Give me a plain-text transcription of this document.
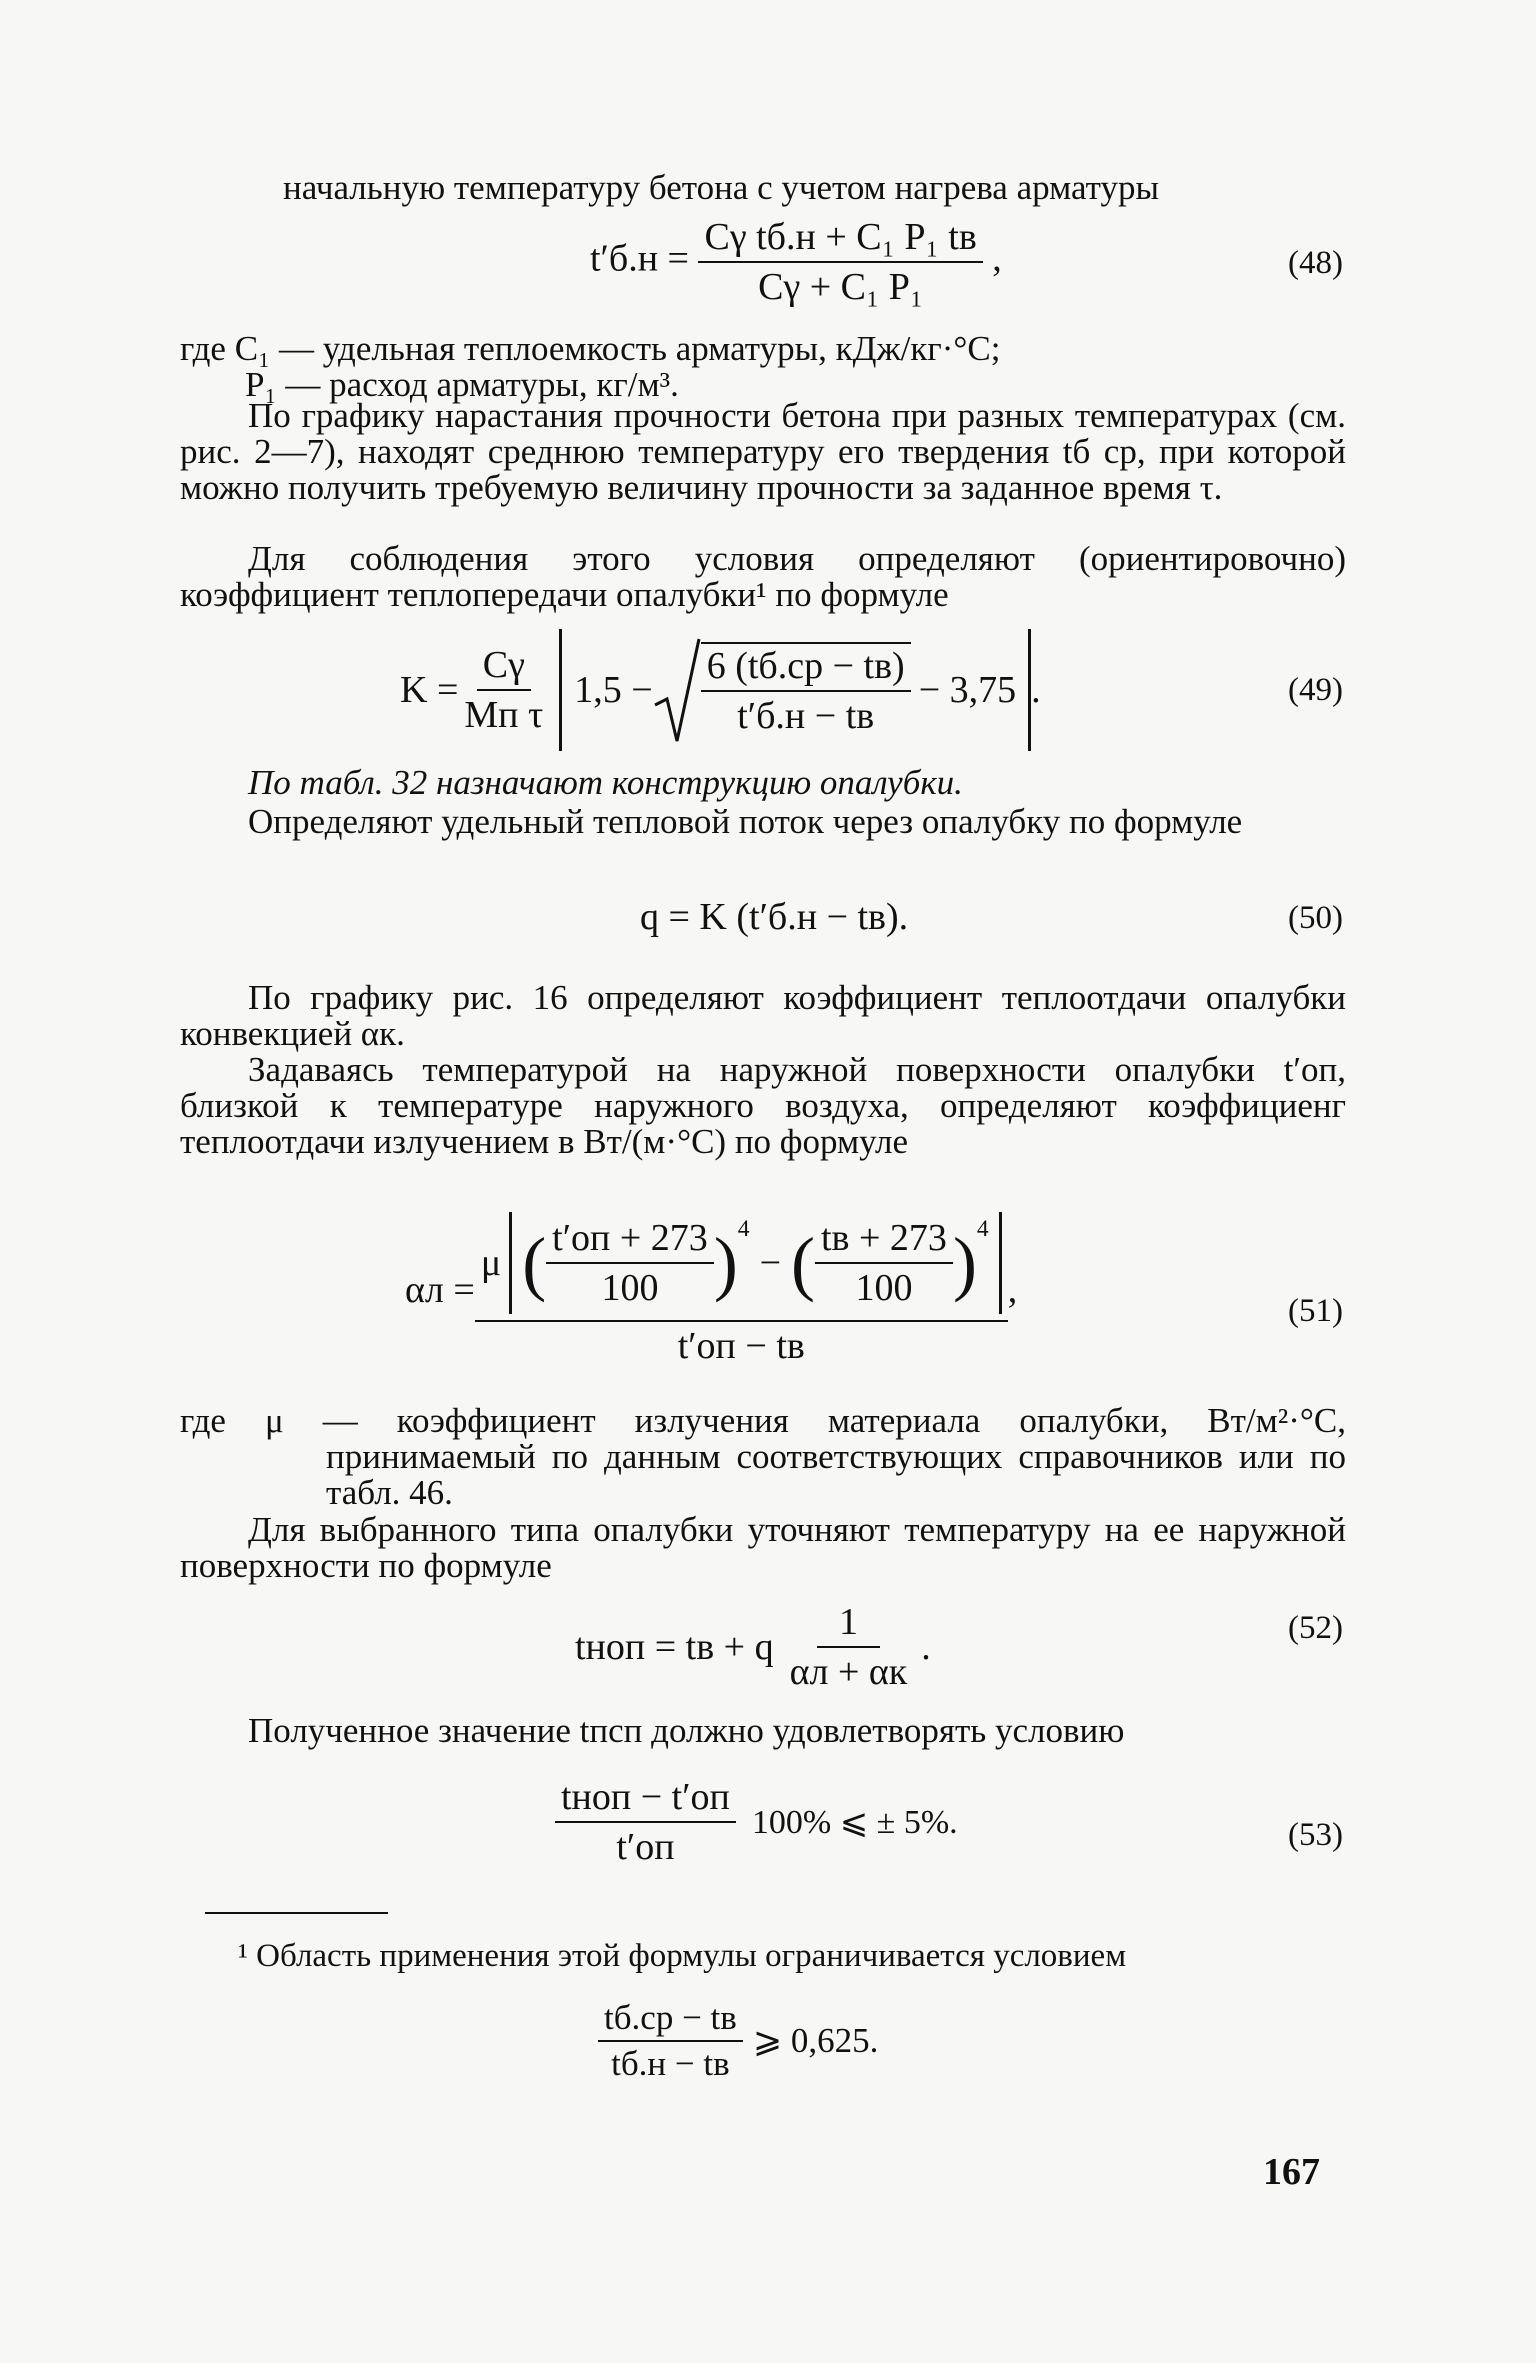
начальную температуру бетона с учетом нагрева арматуры
$t'б.н = \frac{\text{Cγ tб.н + C₁ P₁ tв}}{\text{Cγ + C₁ P₁}}$ ,	(48)
где C₁ — удельная теплоемкость арматуры, кДж/кг·°C;
P₁ — расход арматуры, кг/м³.
По графику нарастания прочности бетона при разных температурах (см. рис. 2—7), находят среднюю температуру его твердения tб ср, при которой можно получить требуемую величину прочности за заданное время τ.
Для соблюдения этого условия определяют (ориентировочно) коэффициент теплопередачи опалубки¹ по формуле
$K = \frac{C\gamma}{\text{Mп τ}} 1,5 - \frac{6 (tб.ср - tв)}{t'б.н - tв} - 3,75$ .	(49)
По табл. 32 назначают конструкцию опалубки.
Определяют удельный тепловой поток через опалубку по формуле
q = K (t′б.н − tв).	(50)
По графику рис. 16 определяют коэффициент теплоотдачи опалубки конвекцией αк.
Задаваясь температурой на наружной поверхности опалубки t′оп, близкой к температуре наружного воздуха, определяют коэффициенг теплоотдачи излучением в Вт/(м·°C) по формуле
αл =
μ ( $\frac{t'оп + 273}{100} )^4$
− ( $\frac{tв + 273}{100} )^4$
t′оп − tв
,	(51)
где μ — коэффициент излучения материала опалубки, Вт/м²·°C, принимаемый по данным соответствующих справочников или по табл. 46.
Для выбранного типа опалубки уточняют температуру на ее наружной поверхности по формуле
tноп = tв + q $\frac{1}{\alpha л + \alpha к}$ .	(52)
Полученное значение tпсп должно удовлетворять условию
$\frac{\text{tноп − t′оп}}{t'оп} 100\%$ ⩽ ± 5%.	(53)
¹ Область применения этой формулы ограничивается условием
$\frac{tб.ср - tв}{tб.н - tв}$ ⩾ 0,625.
167
